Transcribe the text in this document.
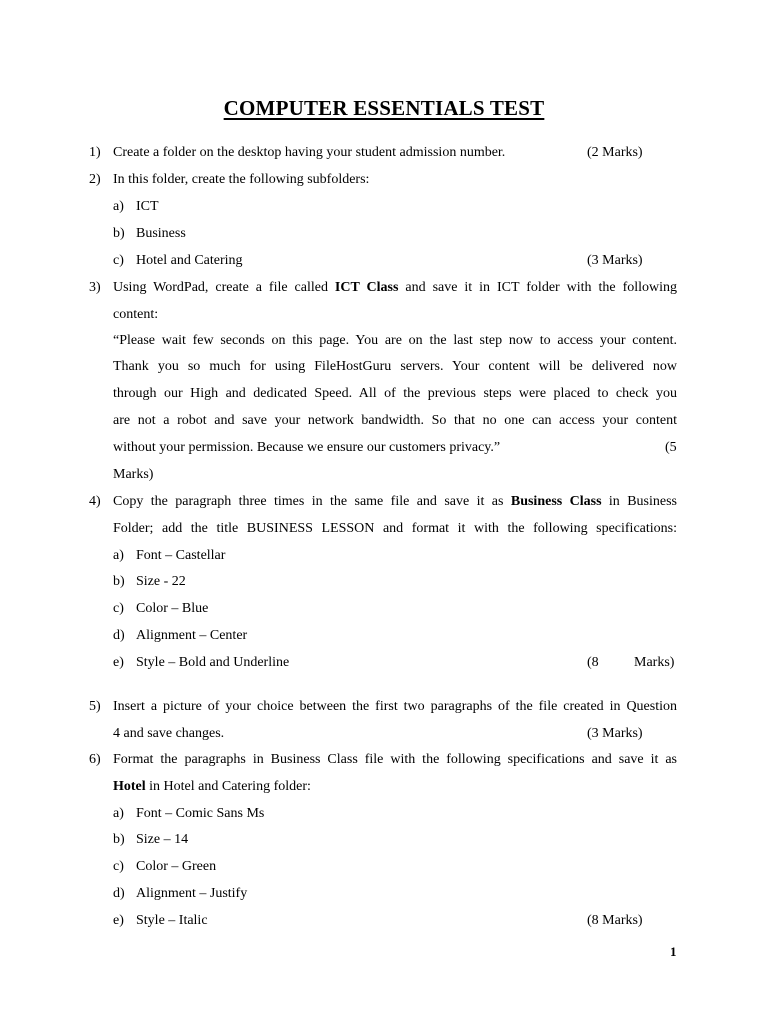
COMPUTER ESSENTIALS TEST
1) Create a folder on the desktop having your student admission number.	(2 Marks)
2) In this folder, create the following subfolders:
a) ICT
b) Business
c) Hotel and Catering	(3 Marks)
3) Using WordPad, create a file called ICT Class and save it in ICT folder with the following
content:
“Please wait few seconds on this page. You are on the last step now to access your content.
Thank you so much for using FileHostGuru servers. Your content will be delivered now
through our High and dedicated Speed. All of the previous steps were placed to check you
are not a robot and save your network bandwidth. So that no one can access your content
without your permission. Because we ensure our customers privacy.”	(5
Marks)
4) Copy the paragraph three times in the same file and save it as Business Class in Business
Folder; add the title BUSINESS LESSON and format it with the following specifications:
a) Font – Castellar
b) Size - 22
c) Color – Blue
d) Alignment – Center
e) Style – Bold and Underline	(8	Marks)
5) Insert a picture of your choice between the first two paragraphs of the file created in Question
4 and save changes.	(3 Marks)
6) Format the paragraphs in Business Class file with the following specifications and save it as
Hotel in Hotel and Catering folder:
a) Font – Comic Sans Ms
b) Size – 14
c) Color – Green
d) Alignment – Justify
e) Style – Italic	(8 Marks)
1
